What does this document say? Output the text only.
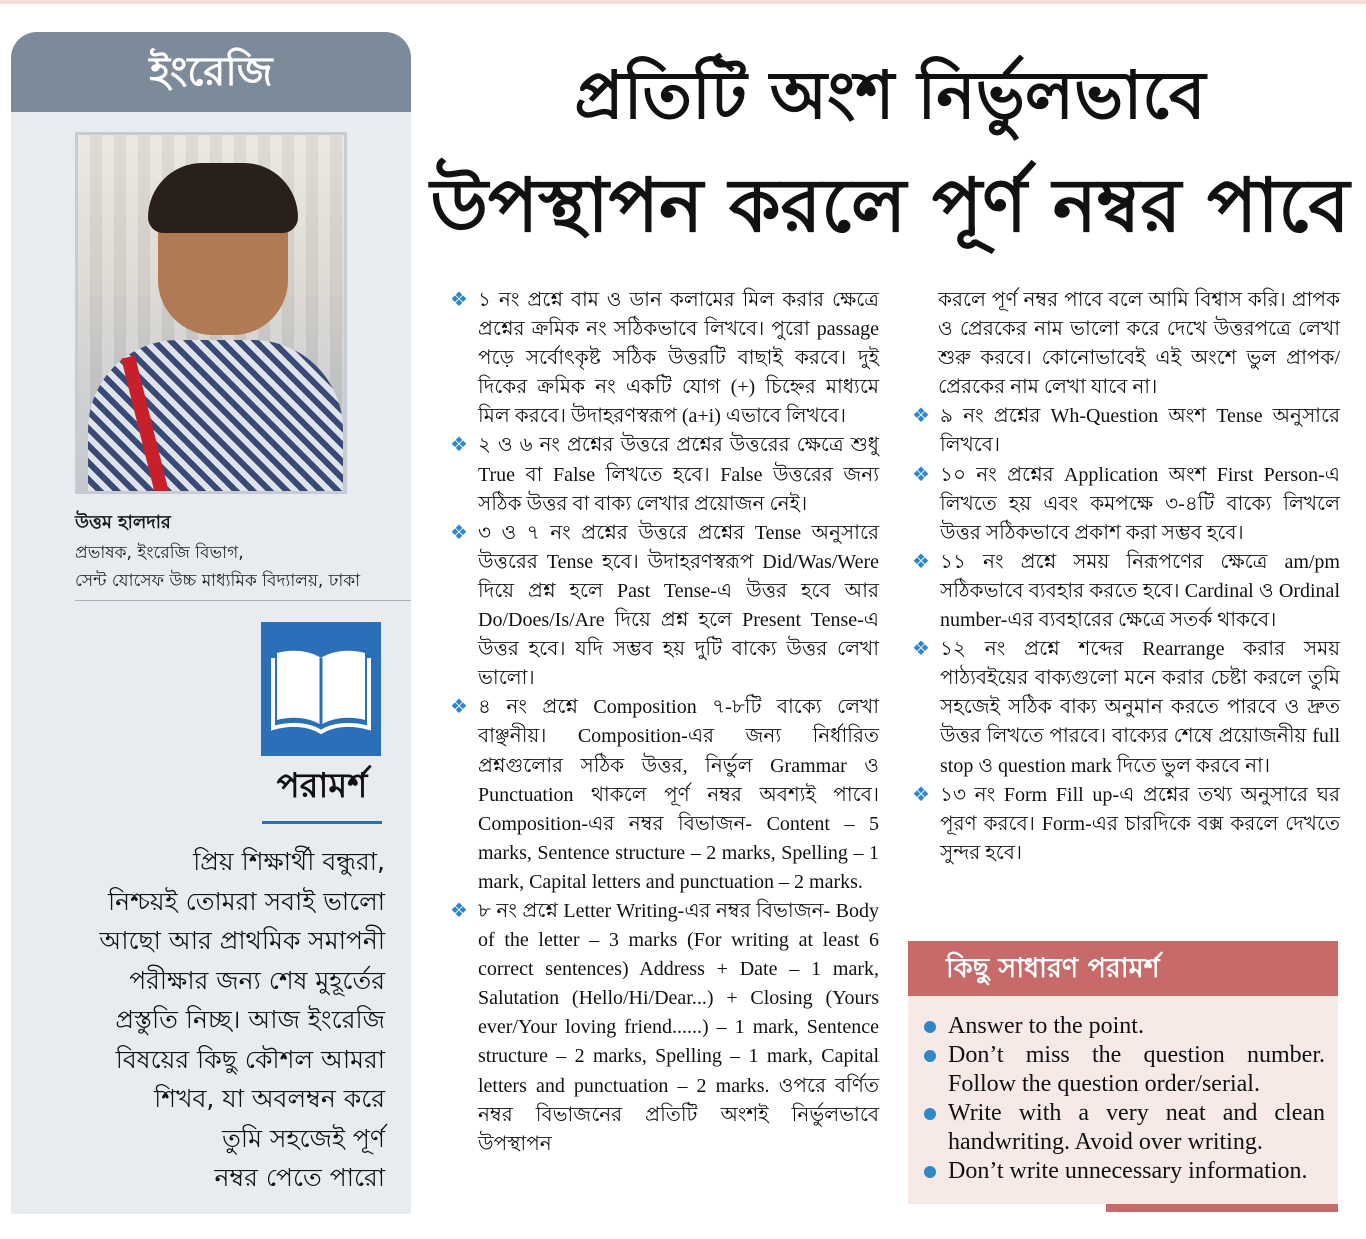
ইংরেজি
উত্তম হালদার
প্রভাষক, ইংরেজি বিভাগ,
সেন্ট যোসেফ উচ্চ মাধ্যমিক বিদ্যালয়, ঢাকা
পরামর্শ
প্রিয় শিক্ষার্থী বন্ধুরা,
নিশ্চয়ই তোমরা সবাই ভালো
আছো আর প্রাথমিক সমাপনী
পরীক্ষার জন্য শেষ মুহূর্তের
প্রস্তুতি নিচ্ছ। আজ ইংরেজি
বিষয়ের কিছু কৌশল আমরা
শিখব, যা অবলম্বন করে
তুমি সহজেই পূর্ণ
নম্বর পেতে পারো
প্রতিটি অংশ নির্ভুলভাবে
উপস্থাপন করলে পূর্ণ নম্বর পাবে
❖ ১ নং প্রশ্নে বাম ও ডান কলামের মিল করার ক্ষেত্রে প্রশ্নের ক্রমিক নং সঠিকভাবে লিখবে। পুরো passage পড়ে সর্বোৎকৃষ্ট সঠিক উত্তরটি বাছাই করবে। দুই দিকের ক্রমিক নং একটি যোগ (+) চিহ্নের মাধ্যমে মিল করবে। উদাহরণস্বরূপ (a+i) এভাবে লিখবে।
❖ ২ ও ৬ নং প্রশ্নের উত্তরে প্রশ্নের উত্তরের ক্ষেত্রে শুধু True বা False লিখতে হবে। False উত্তরের জন্য সঠিক উত্তর বা বাক্য লেখার প্রয়োজন নেই।
❖ ৩ ও ৭ নং প্রশ্নের উত্তরে প্রশ্নের Tense অনুসারে উত্তরের Tense হবে। উদাহরণস্বরূপ Did/Was/Were দিয়ে প্রশ্ন হলে Past Tense-এ উত্তর হবে আর Do/Does/Is/Are দিয়ে প্রশ্ন হলে Present Tense-এ উত্তর হবে। যদি সম্ভব হয় দুটি বাক্যে উত্তর লেখা ভালো।
❖ ৪ নং প্রশ্নে Composition ৭-৮টি বাক্যে লেখা বাঞ্ছনীয়। Composition-এর জন্য নির্ধারিত প্রশ্নগুলোর সঠিক উত্তর, নির্ভুল Grammar ও Punctuation থাকলে পূর্ণ নম্বর অবশ্যই পাবে। Composition-এর নম্বর বিভাজন- Content – 5 marks, Sentence structure – 2 marks, Spelling – 1 mark, Capital letters and punctuation – 2 marks.
❖ ৮ নং প্রশ্নে Letter Writing-এর নম্বর বিভাজন- Body of the letter – 3 marks (For writing at least 6 correct sentences) Address + Date – 1 mark, Salutation (Hello/Hi/Dear...) + Closing (Yours ever/Your loving friend......) – 1 mark, Sentence structure – 2 marks, Spelling – 1 mark, Capital letters and punctuation – 2 marks. ওপরে বর্ণিত নম্বর বিভাজনের প্রতিটি অংশই নির্ভুলভাবে উপস্থাপন
করলে পূর্ণ নম্বর পাবে বলে আমি বিশ্বাস করি। প্রাপক ও প্রেরকের নাম ভালো করে দেখে উত্তরপত্রে লেখা শুরু করবে। কোনোভাবেই এই অংশে ভুল প্রাপক/প্রেরকের নাম লেখা যাবে না।
❖ ৯ নং প্রশ্নের Wh-Question অংশ Tense অনুসারে লিখবে।
❖ ১০ নং প্রশ্নের Application অংশ First Person-এ লিখতে হয় এবং কমপক্ষে ৩-৪টি বাক্যে লিখলে উত্তর সঠিকভাবে প্রকাশ করা সম্ভব হবে।
❖ ১১ নং প্রশ্নে সময় নিরূপণের ক্ষেত্রে am/pm সঠিকভাবে ব্যবহার করতে হবে। Cardinal ও Ordinal number-এর ব্যবহারের ক্ষেত্রে সতর্ক থাকবে।
❖ ১২ নং প্রশ্নে শব্দের Rearrange করার সময় পাঠ্যবইয়ের বাক্যগুলো মনে করার চেষ্টা করলে তুমি সহজেই সঠিক বাক্য অনুমান করতে পারবে ও দ্রুত উত্তর লিখতে পারবে। বাক্যের শেষে প্রয়োজনীয় full stop ও question mark দিতে ভুল করবে না।
❖ ১৩ নং Form Fill up-এ প্রশ্নের তথ্য অনুসারে ঘর পূরণ করবে। Form-এর চারদিকে বক্স করলে দেখতে সুন্দর হবে।
কিছু সাধারণ পরামর্শ
Answer to the point.
Don’t miss the question number. Follow the question order/serial.
Write with a very neat and clean handwriting. Avoid over writing.
Don’t write unnecessary information.
